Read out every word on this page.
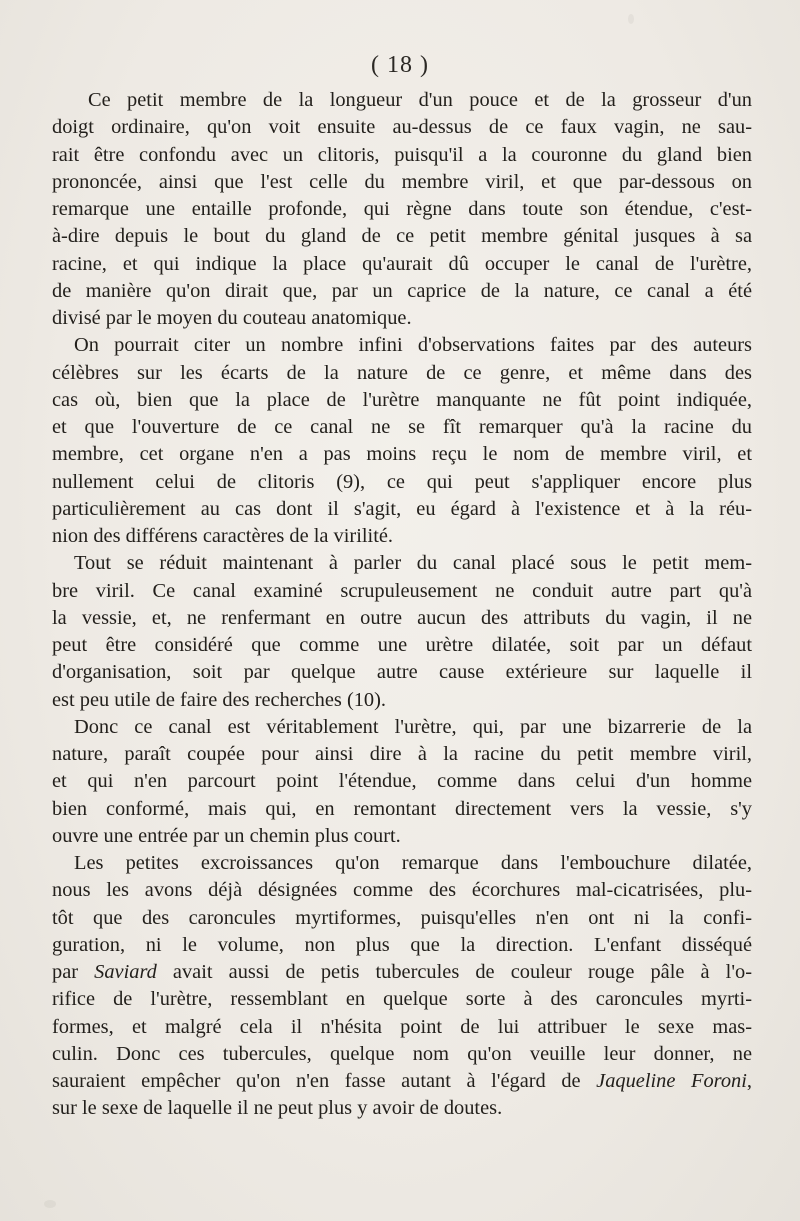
( 18 )
Ce petit membre de la longueur d'un pouce et de la grosseur d'un
doigt ordinaire, qu'on voit ensuite au-dessus de ce faux vagin, ne sau-
rait être confondu avec un clitoris, puisqu'il a la couronne du gland bien
prononcée, ainsi que l'est celle du membre viril, et que par-dessous on
remarque une entaille profonde, qui règne dans toute son étendue, c'est-
à-dire depuis le bout du gland de ce petit membre génital jusques à sa
racine, et qui indique la place qu'aurait dû occuper le canal de l'urètre,
de manière qu'on dirait que, par un caprice de la nature, ce canal a été
divisé par le moyen du couteau anatomique.
On pourrait citer un nombre infini d'observations faites par des auteurs
célèbres sur les écarts de la nature de ce genre, et même dans des
cas où, bien que la place de l'urètre manquante ne fût point indiquée,
et que l'ouverture de ce canal ne se fît remarquer qu'à la racine du
membre, cet organe n'en a pas moins reçu le nom de membre viril, et
nullement celui de clitoris (9), ce qui peut s'appliquer encore plus
particulièrement au cas dont il s'agit, eu égard à l'existence et à la réu-
nion des différens caractères de la virilité.
Tout se réduit maintenant à parler du canal placé sous le petit mem-
bre viril. Ce canal examiné scrupuleusement ne conduit autre part qu'à
la vessie, et, ne renfermant en outre aucun des attributs du vagin, il ne
peut être considéré que comme une urètre dilatée, soit par un défaut
d'organisation, soit par quelque autre cause extérieure sur laquelle il
est peu utile de faire des recherches (10).
Donc ce canal est véritablement l'urètre, qui, par une bizarrerie de la
nature, paraît coupée pour ainsi dire à la racine du petit membre viril,
et qui n'en parcourt point l'étendue, comme dans celui d'un homme
bien conformé, mais qui, en remontant directement vers la vessie, s'y
ouvre une entrée par un chemin plus court.
Les petites excroissances qu'on remarque dans l'embouchure dilatée,
nous les avons déjà désignées comme des écorchures mal-cicatrisées, plu-
tôt que des caroncules myrtiformes, puisqu'elles n'en ont ni la confi-
guration, ni le volume, non plus que la direction. L'enfant disséqué
par Saviard avait aussi de petis tubercules de couleur rouge pâle à l'o-
rifice de l'urètre, ressemblant en quelque sorte à des caroncules myrti-
formes, et malgré cela il n'hésita point de lui attribuer le sexe mas-
culin. Donc ces tubercules, quelque nom qu'on veuille leur donner, ne
sauraient empêcher qu'on n'en fasse autant à l'égard de Jaqueline Foroni,
sur le sexe de laquelle il ne peut plus y avoir de doutes.
